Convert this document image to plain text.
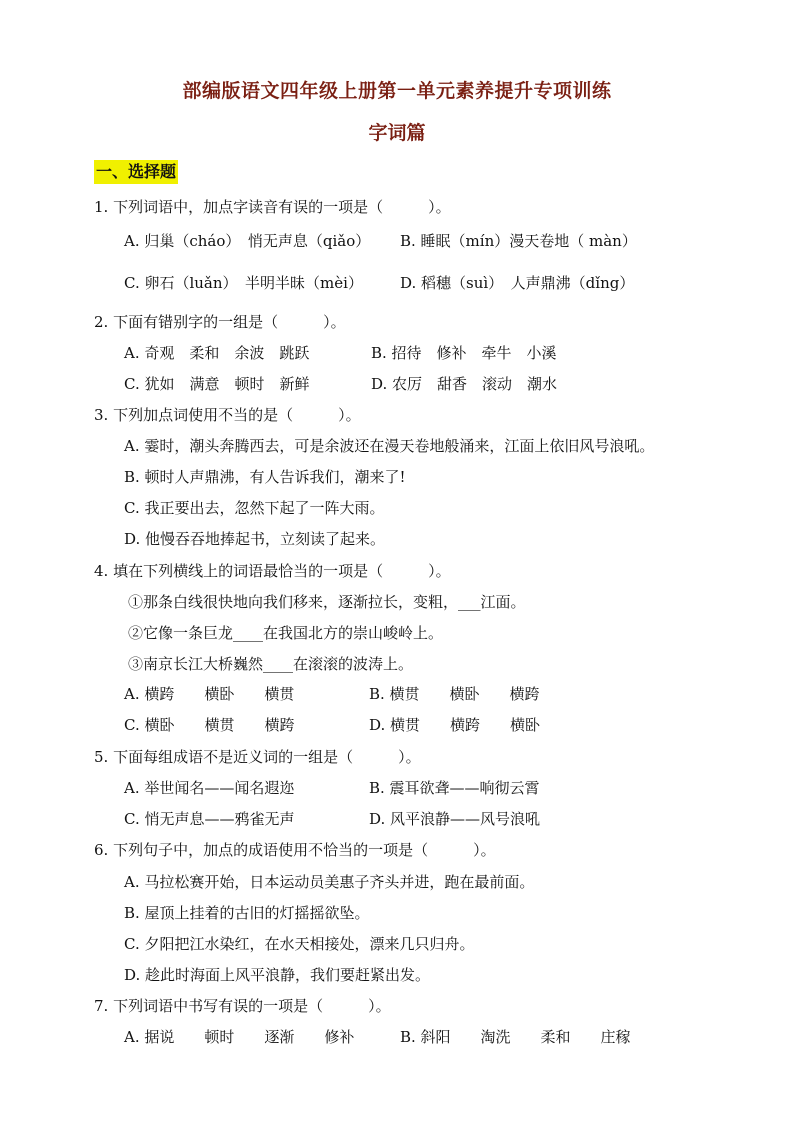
部编版语文四年级上册第一单元素养提升专项训练
字词篇
一、选择题
1. 下列词语中，加点字读音有误的一项是（　　　）。
A. 归巢（cháo）　悄无声息（qiǎo） B. 睡眠（mín）漫天卷地（ màn）
C. 卵石（luǎn）　半明半昧（mèi） D. 稻穗（suì）　人声鼎沸（dǐng）
2. 下面有错别字的一组是（　　　）。
A. 奇观　柔和　余波　跳跃	B. 招待　修补　牵牛　小溪
C. 犹如　满意　顿时　新鲜	D. 农厉　甜香　滚动　潮水
3. 下列加点词使用不当的是（　　　）。
A. 霎时，潮头奔腾西去，可是余波还在漫天卷地般涌来，江面上依旧风号浪吼。
B. 顿时人声鼎沸，有人告诉我们，潮来了!
C. 我正要出去，忽然下起了一阵大雨。
D. 他慢吞吞地捧起书，立刻读了起来。
4. 填在下列横线上的词语最恰当的一项是（　　　）。
①那条白线很快地向我们移来，逐渐拉长，变粗，___江面。
②它像一条巨龙____在我国北方的崇山峻岭上。
③南京长江大桥巍然____在滚滚的波涛上。
A. 横跨　　横卧　　横贯	B. 横贯　　横卧　　横跨
C. 横卧　　横贯　　横跨	D. 横贯　　横跨　　横卧
5. 下面每组成语不是近义词的一组是（　　　）。
A. 举世闻名——闻名遐迩	B. 震耳欲聋——响彻云霄
C. 悄无声息——鸦雀无声	D. 风平浪静——风号浪吼
6. 下列句子中，加点的成语使用不恰当的一项是（　　　）。
A. 马拉松赛开始，日本运动员美惠子齐头并进，跑在最前面。
B. 屋顶上挂着的古旧的灯摇摇欲坠。
C. 夕阳把江水染红，在水天相接处，漂来几只归舟。
D. 趁此时海面上风平浪静，我们要赶紧出发。
7. 下列词语中书写有误的一项是（　　　）。
A. 据说　　顿时　　逐渐　　修补	B. 斜阳　　淘洗　　柔和　　庄稼
